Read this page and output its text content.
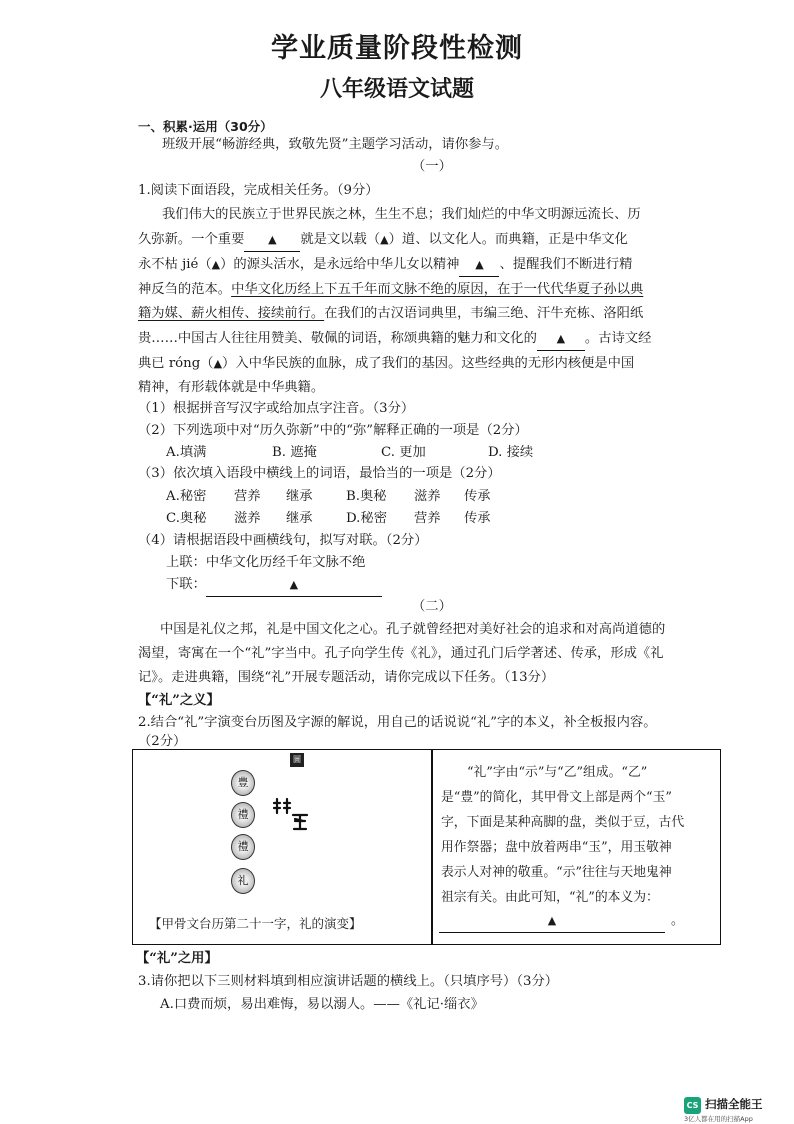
学业质量阶段性检测
八年级语文试题
一、积累·运用（30分）
班级开展“畅游经典，致敬先贤”主题学习活动，请你参与。
（一）
1.阅读下面语段，完成相关任务。（9分）
我们伟大的民族立于世界民族之林，生生不息；我们灿烂的中华文明源远流长、历
久弥新。一个重要 ▲ 就是文以载（▲）道、以文化人。而典籍，正是中华文化
永不枯 jié（▲）的源头活水，是永远给中华儿女以精神 ▲ 、提醒我们不断进行精
神反刍的范本。中华文化历经上下五千年而文脉不绝的原因，在于一代代华夏子孙以典
籍为媒、薪火相传、接续前行。在我们的古汉语词典里，韦编三绝、汗牛充栋、洛阳纸
贵……中国古人往往用赞美、敬佩的词语，称颂典籍的魅力和文化的 ▲ 。古诗文经
典已 róng（▲）入中华民族的血脉，成了我们的基因。这些经典的无形内核便是中国
精神，有形载体就是中华典籍。
（1）根据拼音写汉字或给加点字注音。（3分）
（2）下列选项中对“历久弥新”中的“弥”解释正确的一项是（2分）
A.填满	B. 遮掩	C. 更加	D. 接续
（3）依次填入语段中横线上的词语，最恰当的一项是（2分）
A.秘密 营养 继承	B.奥秘 滋养 传承
C.奥秘 滋养 继承	D.秘密 营养 传承
（4）请根据语段中画横线句，拟写对联。（2分）
上联：中华文化历经千年文脉不绝
下联：	▲
（二）
中国是礼仪之邦，礼是中国文化之心。孔子就曾经把对美好社会的追求和对高尚道德的
渴望，寄寓在一个“礼”字当中。孔子向学生传《礼》，通过孔门后学著述、传承，形成《礼
记》。走进典籍，围绕“礼”开展专题活动，请你完成以下任务。（13分）
【“礼”之义】
2.结合“礼”字演变台历图及字源的解说，用自己的话说说“礼”字的本义，补全板报内容。
（2分）
圖
豊
禮
禮
礼
【甲骨文台历第二十一字，礼的演变】
“礼”字由“示”与“乙”组成。“乙”
是“豊”的简化，其甲骨文上部是两个“玉”
字，下面是某种高脚的盘，类似于豆，古代
用作祭器；盘中放着两串“玉”，用玉敬神
表示人对神的敬重。“示”往往与天地鬼神
祖宗有关。由此可知，“礼”的本义为：
▲	。
【“礼”之用】
3.请你把以下三则材料填到相应演讲话题的横线上。（只填序号）（3分）
A.口费而烦，易出难悔，易以溺人。——《礼记·缁衣》
CS 扫描全能王
3亿人都在用的扫描App
